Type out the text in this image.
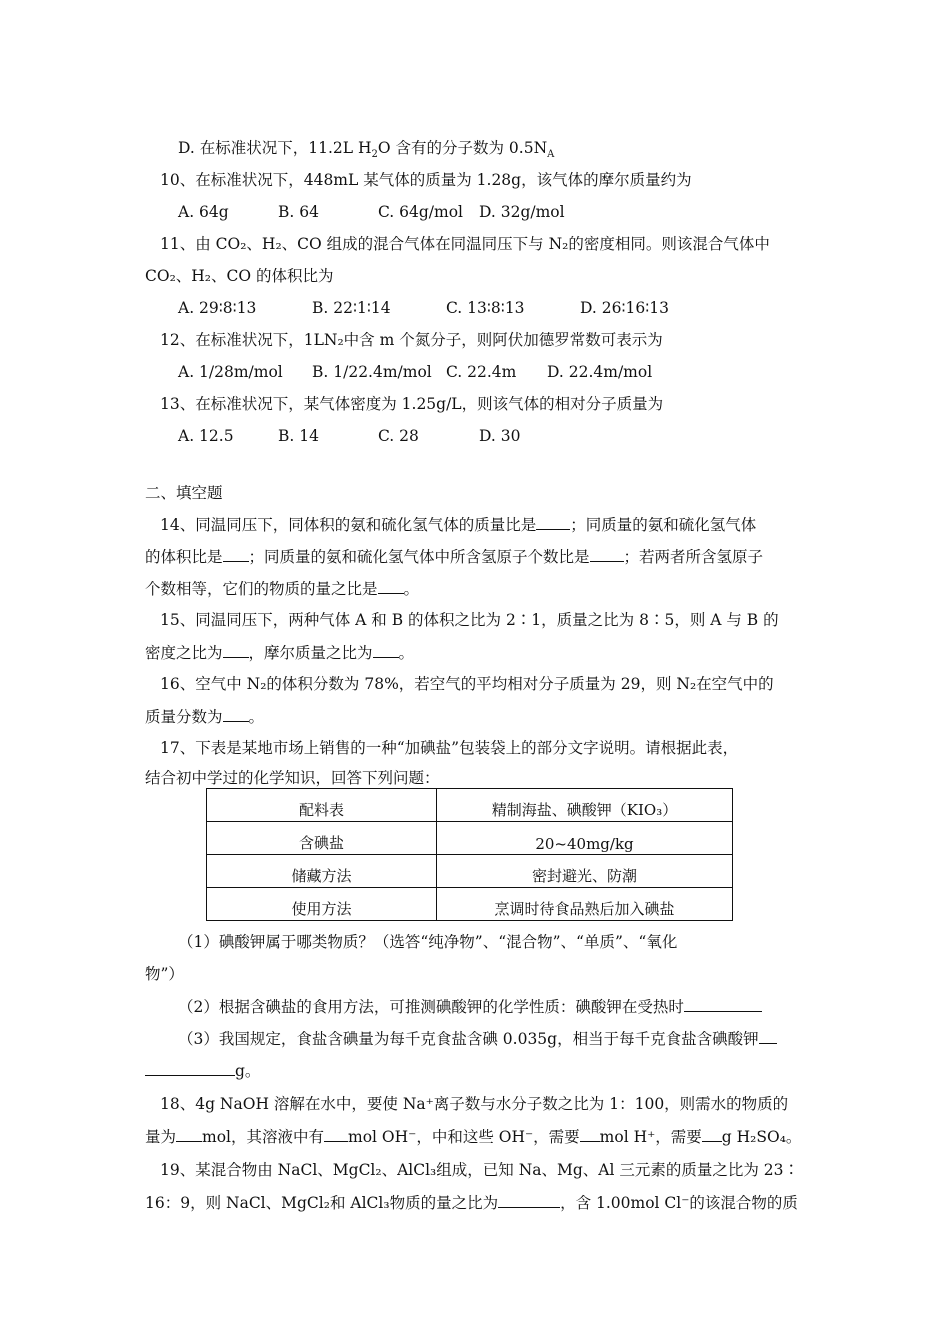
D. 在标准状况下，11.2L $H_2O$ 含有的分子数为 $0.5N_A$
10、在标准状况下，448mL 某气体的质量为 1.28g，该气体的摩尔质量约为
A. 64g	B. 64	C. 64g/mol D. 32g/mol
11、由 CO₂、H₂、CO 组成的混合气体在同温同压下与 N₂的密度相同。则该混合气体中
CO₂、H₂、CO 的体积比为
A. 29∶8∶13	B. 22∶1∶14	C. 13∶8∶13	D. 26∶16∶13
12、在标准状况下，1LN₂中含 m 个氮分子，则阿伏加德罗常数可表示为
A. 1/28m/mol B. 1/22.4m/mol C. 22.4m D. 22.4m/mol
13、在标准状况下，某气体密度为 1.25g/L，则该气体的相对分子质量为
A. 12.5	B. 14	C. 28	D. 30
二、填空题
14、同温同压下，同体积的氨和硫化氢气体的质量比是 ；同质量的氨和硫化氢气体
的体积比是 ；同质量的氨和硫化氢气体中所含氢原子个数比是 ；若两者所含氢原子
个数相等，它们的物质的量之比是 。
15、同温同压下，两种气体 A 和 B 的体积之比为 2∶1，质量之比为 8∶5，则 A 与 B 的
密度之比为 ，摩尔质量之比为 。
16、空气中 N₂的体积分数为 78%，若空气的平均相对分子质量为 29，则 N₂在空气中的
质量分数为 。
17、下表是某地市场上销售的一种“加碘盐”包装袋上的部分文字说明。请根据此表，
结合初中学过的化学知识，回答下列问题：
配料表	精制海盐、碘酸钾（KIO₃）
含碘盐	20~40mg/kg
储藏方法	密封避光、防潮
使用方法	烹调时待食品熟后加入碘盐
（1）碘酸钾属于哪类物质？（选答“纯净物”、“混合物”、“单质”、“氧化
物”）
（2）根据含碘盐的食用方法，可推测碘酸钾的化学性质：碘酸钾在受热时
（3）我国规定，食盐含碘量为每千克食盐含碘 0.035g，相当于每千克食盐含碘酸钾
g。
18、4g NaOH 溶解在水中，要使 Na⁺离子数与水分子数之比为 1：100，则需水的物质的
量为 mol，其溶液中有 mol OH⁻，中和这些 OH⁻，需要 mol H⁺，需要 g H₂SO₄。
19、某混合物由 NaCl、MgCl₂、AlCl₃组成，已知 Na、Mg、Al 三元素的质量之比为 23∶
16：9，则 NaCl、MgCl₂和 AlCl₃物质的量之比为	，含 1.00mol Cl⁻的该混合物的质
